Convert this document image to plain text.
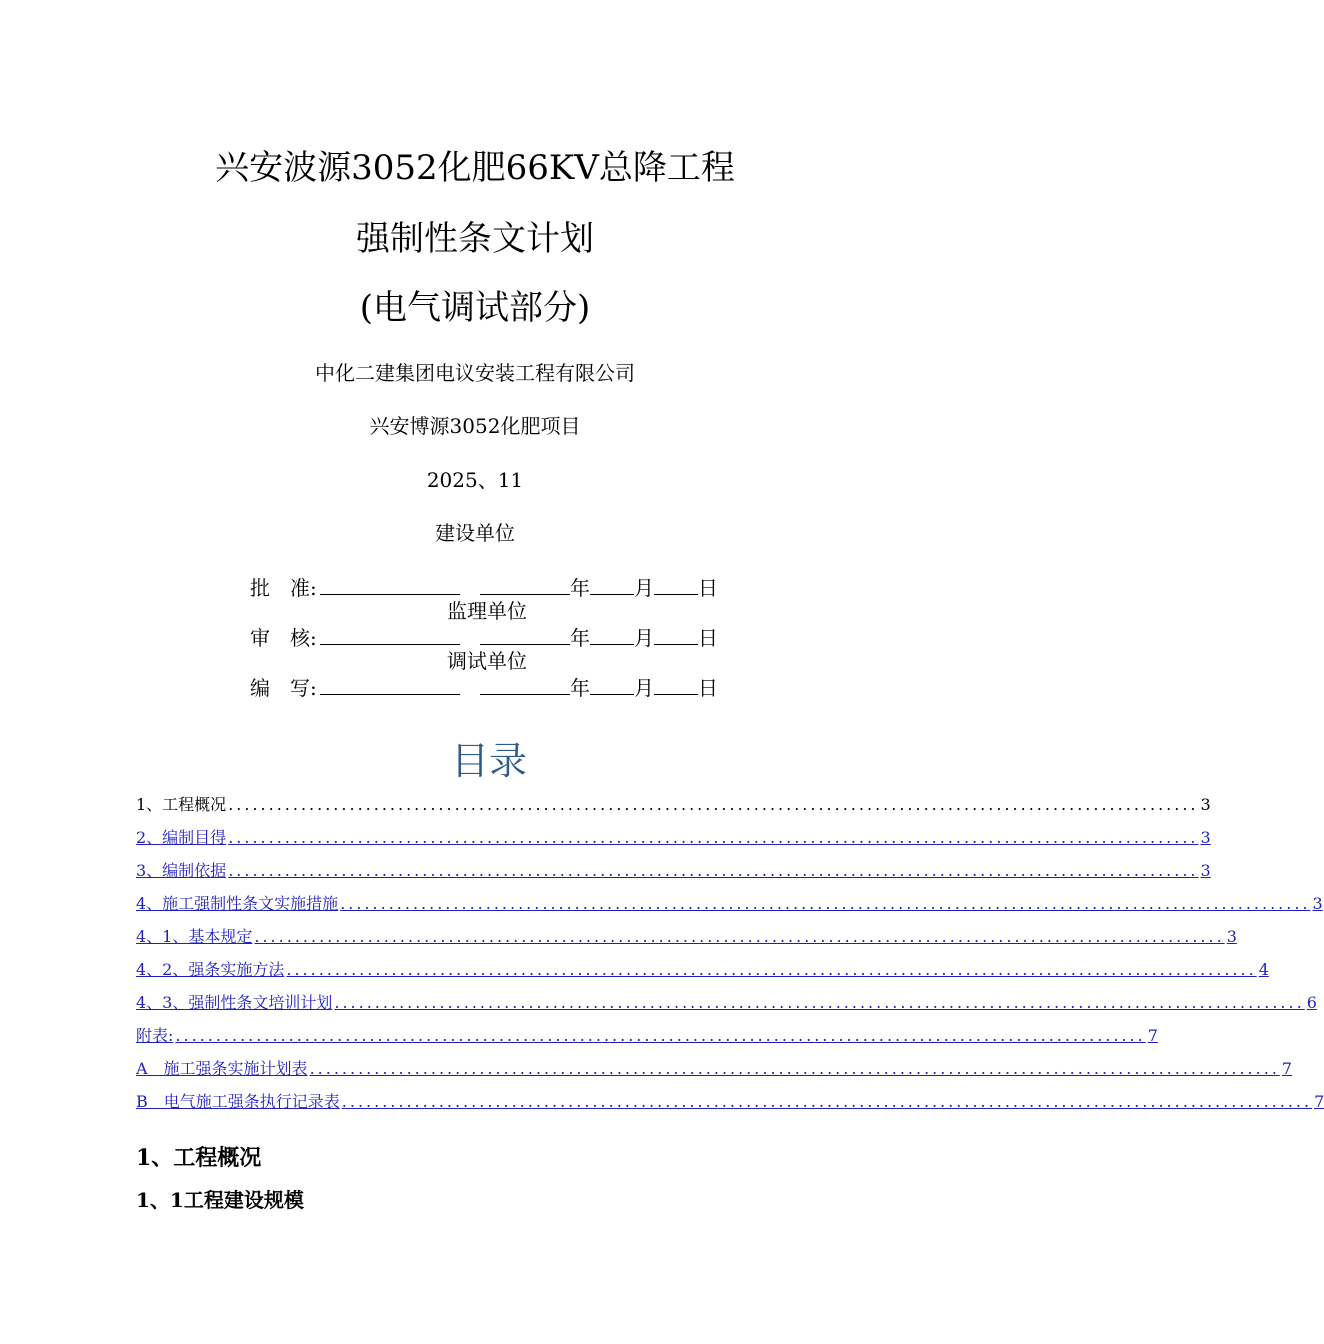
兴安波源3052化肥66KV总降工程
强制性条文计划
(电气调试部分)
中化二建集团电议安装工程有限公司
兴安博源3052化肥项目
2025、11
建设单位
批　准:	年 月 日
监理单位
审　核:	年 月 日
调试单位
编　写:	年 月 日
目录
1、工程概况 ........................................................................................................................ 3
2、编制目得 ........................................................................................................................ 3
3、编制依据 ........................................................................................................................ 3
4、施工强制性条文实施措施 ........................................................................................................................ 3
4、1、基本规定 ........................................................................................................................ 3
4、2、强条实施方法 ........................................................................................................................ 4
4、3、强制性条文培训计划 ........................................................................................................................ 6
附表: ........................................................................................................................ 7
A　施工强条实施计划表 ........................................................................................................................ 7
B　电气施工强条执行记录表 ........................................................................................................................ 7
1、工程概况
1、1工程建设规模
